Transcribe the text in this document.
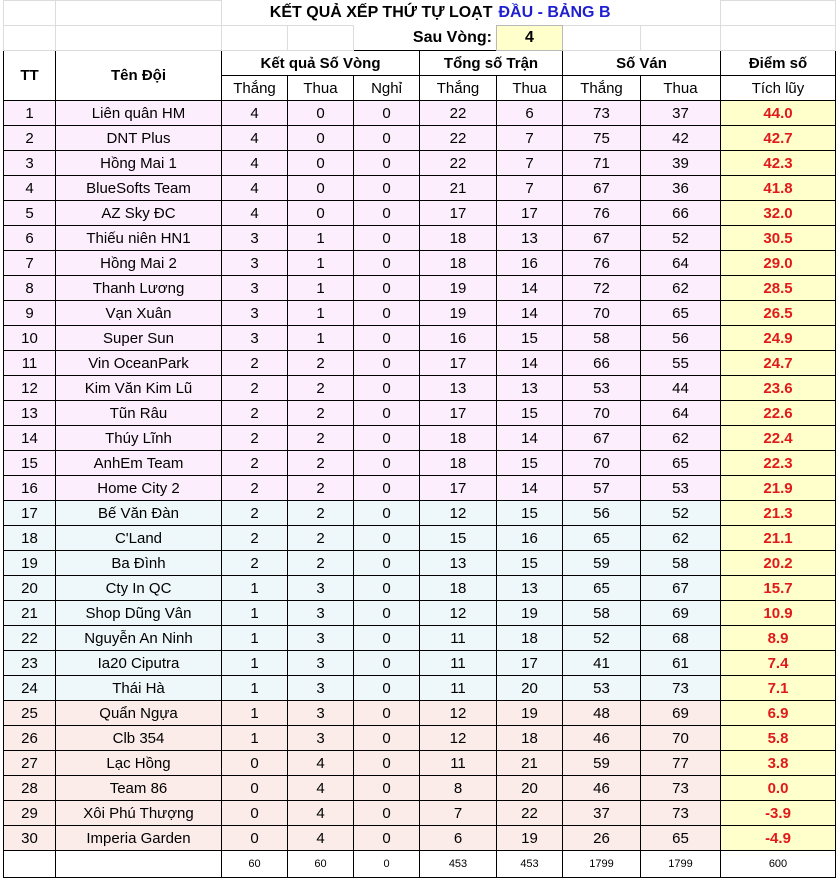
		KẾT QUẢ XẾP THỨ TỰ LOẠT				ĐẦU - BẢNG B			
				Sau Vòng:		4			
TT	Tên Đội	Kết quả Số Vòng			Tổng số Trận		Số Ván		Điểm số
		Thắng	Thua	Nghỉ	Thắng	Thua	Thắng	Thua	Tích lũy
1	Liên quân HM	4	0	0	22	6	73	37	44.0
2	DNT Plus	4	0	0	22	7	75	42	42.7
3	Hồng Mai 1	4	0	0	22	7	71	39	42.3
4	BlueSofts Team	4	0	0	21	7	67	36	41.8
5	AZ Sky ĐC	4	0	0	17	17	76	66	32.0
6	Thiếu niên HN1	3	1	0	18	13	67	52	30.5
7	Hồng Mai 2	3	1	0	18	16	76	64	29.0
8	Thanh Lương	3	1	0	19	14	72	62	28.5
9	Vạn Xuân	3	1	0	19	14	70	65	26.5
10	Super Sun	3	1	0	16	15	58	56	24.9
11	Vin OceanPark	2	2	0	17	14	66	55	24.7
12	Kim Văn Kim Lũ	2	2	0	13	13	53	44	23.6
13	Tũn Râu	2	2	0	17	15	70	64	22.6
14	Thúy Lĩnh	2	2	0	18	14	67	62	22.4
15	AnhEm Team	2	2	0	18	15	70	65	22.3
16	Home City 2	2	2	0	17	14	57	53	21.9
17	Bế Văn Đàn	2	2	0	12	15	56	52	21.3
18	C'Land	2	2	0	15	16	65	62	21.1
19	Ba Đình	2	2	0	13	15	59	58	20.2
20	Cty In QC	1	3	0	18	13	65	67	15.7
21	Shop Dũng Vân	1	3	0	12	19	58	69	10.9
22	Nguyễn An Ninh	1	3	0	11	18	52	68	8.9
23	Ia20 Ciputra	1	3	0	11	17	41	61	7.4
24	Thái Hà	1	3	0	11	20	53	73	7.1
25	Quẩn Ngựa	1	3	0	12	19	48	69	6.9
26	Clb 354	1	3	0	12	18	46	70	5.8
27	Lạc Hồng	0	4	0	11	21	59	77	3.8
28	Team 86	0	4	0	8	20	46	73	0.0
29	Xôi Phú Thượng	0	4	0	7	22	37	73	-3.9
30	Imperia Garden	0	4	0	6	19	26	65	-4.9
		60	60	0	453	453	1799	1799	600
